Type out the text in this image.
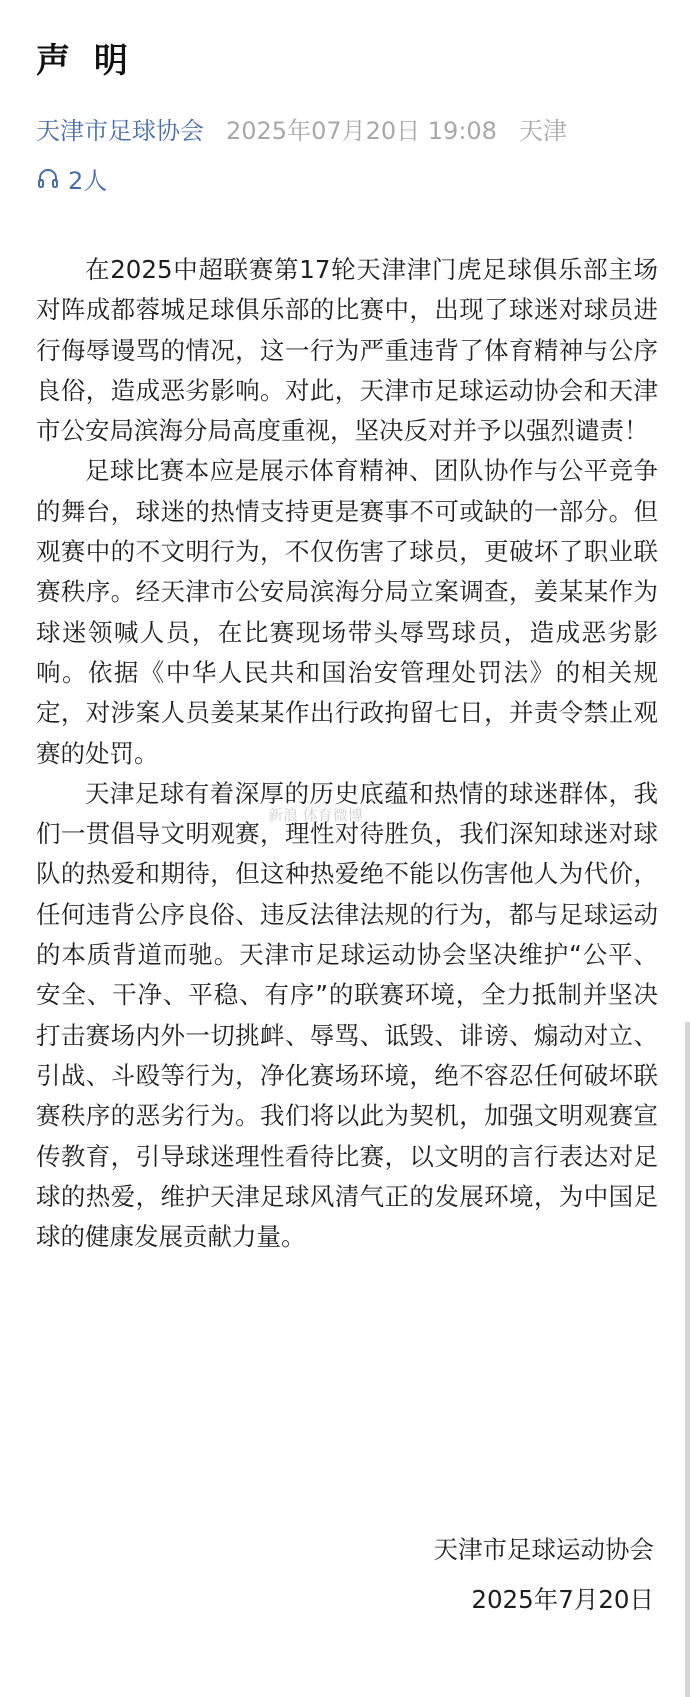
声 明
天津市足球协会 2025年07月20日 19:08 天津
2人

在2025中超联赛第17轮天津津门虎足球俱乐部主场对阵成都蓉城足球俱乐部的比赛中，出现了球迷对球员进行侮辱谩骂的情况，这一行为严重违背了体育精神与公序良俗，造成恶劣影响。对此，天津市足球运动协会和天津市公安局滨海分局高度重视，坚决反对并予以强烈谴责！

足球比赛本应是展示体育精神、团队协作与公平竞争的舞台，球迷的热情支持更是赛事不可或缺的一部分。但观赛中的不文明行为，不仅伤害了球员，更破坏了职业联赛秩序。经天津市公安局滨海分局立案调查，姜某某作为球迷领喊人员，在比赛现场带头辱骂球员，造成恶劣影响。依据《中华人民共和国治安管理处罚法》的相关规定，对涉案人员姜某某作出行政拘留七日，并责令禁止观赛的处罚。

天津足球有着深厚的历史底蕴和热情的球迷群体，我们一贯倡导文明观赛，理性对待胜负，我们深知球迷对球队的热爱和期待，但这种热爱绝不能以伤害他人为代价，任何违背公序良俗、违反法律法规的行为，都与足球运动的本质背道而驰。天津市足球运动协会坚决维护“公平、安全、干净、平稳、有序”的联赛环境，全力抵制并坚决打击赛场内外一切挑衅、辱骂、诋毁、诽谤、煽动对立、引战、斗殴等行为，净化赛场环境，绝不容忍任何破坏联赛秩序的恶劣行为。我们将以此为契机，加强文明观赛宣传教育，引导球迷理性看待比赛，以文明的言行表达对足球的热爱，维护天津足球风清气正的发展环境，为中国足球的健康发展贡献力量。

新浪 体育微博

天津市足球运动协会

2025年7月20日
